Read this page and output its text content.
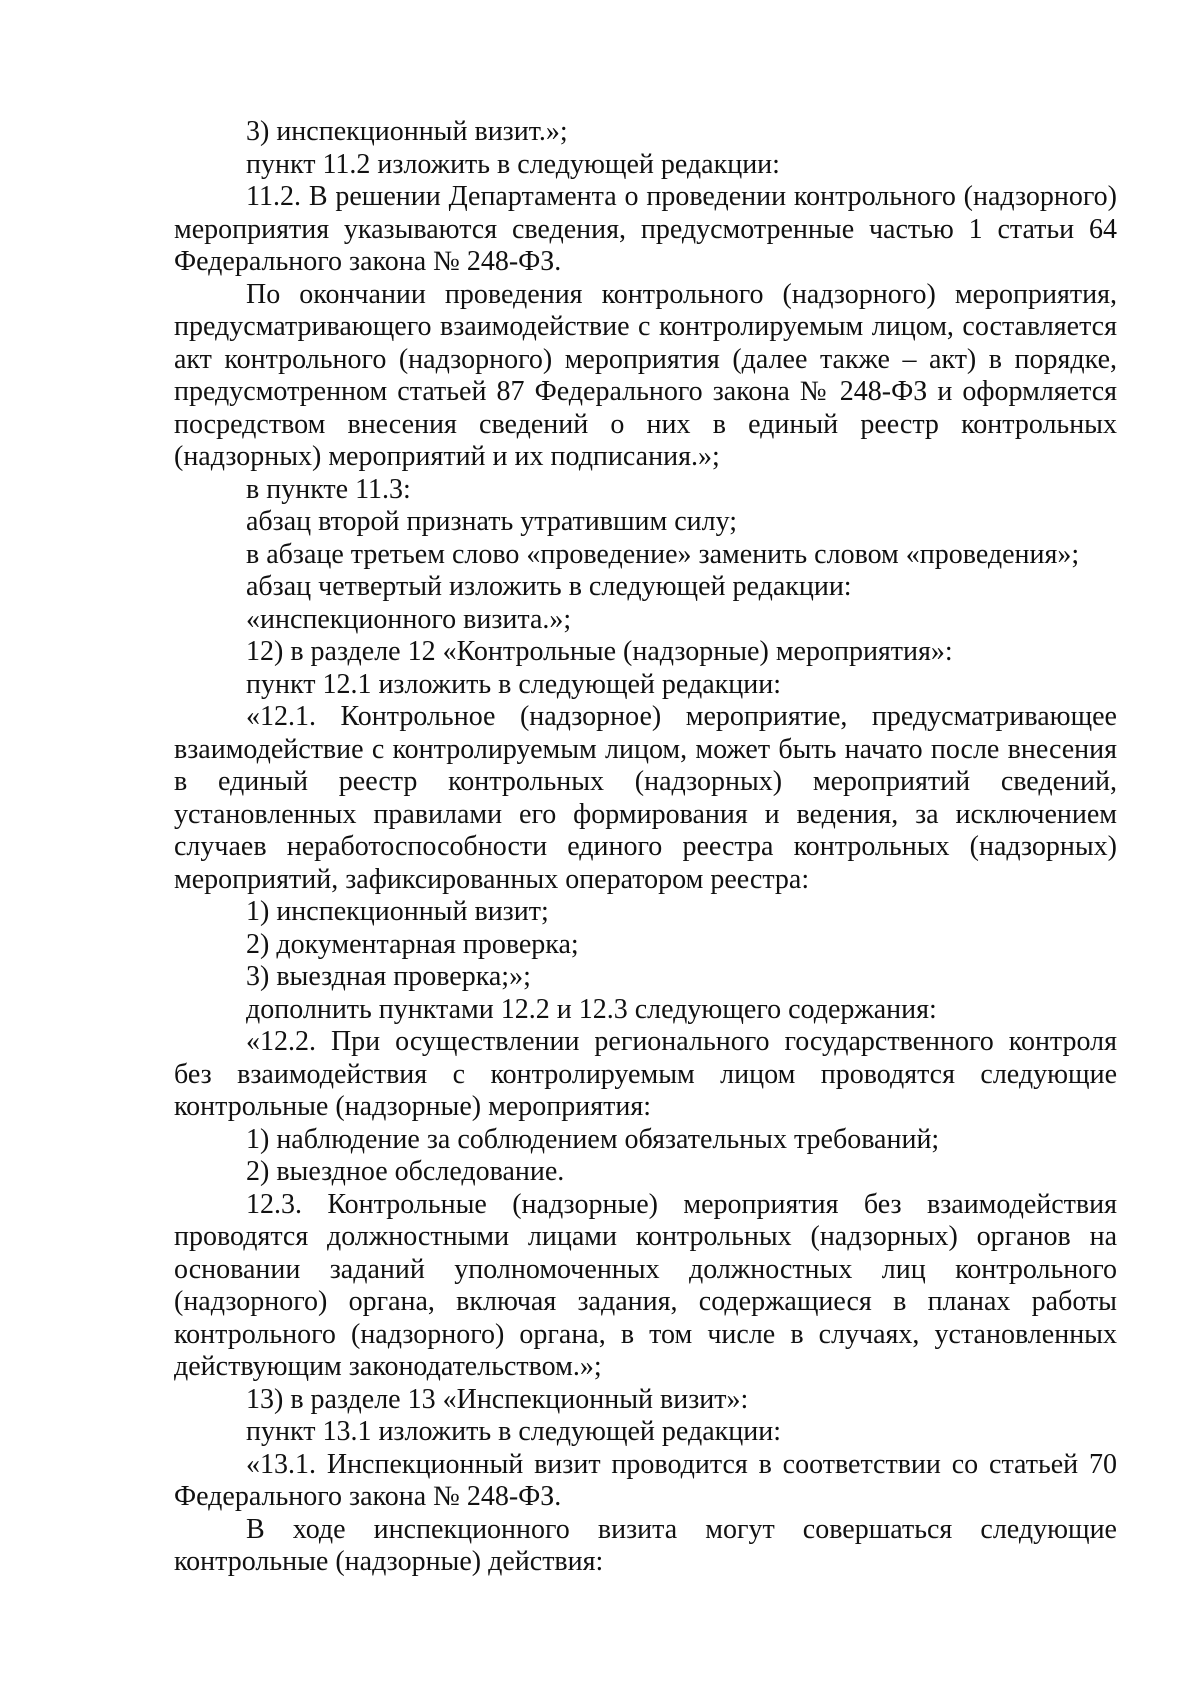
3) инспекционный визит.»;

пункт 11.2 изложить в следующей редакции:

11.2. В решении Департамента о проведении контрольного (надзорного) мероприятия указываются сведения, предусмотренные частью 1 статьи 64 Федерального закона № 248-ФЗ.

По окончании проведения контрольного (надзорного) мероприятия, предусматривающего взаимодействие с контролируемым лицом, составляется акт контрольного (надзорного) мероприятия (далее также – акт) в порядке, предусмотренном статьей 87 Федерального закона № 248-ФЗ и оформляется посредством внесения сведений о них в единый реестр контрольных (надзорных) мероприятий и их подписания.»;

в пункте 11.3:

абзац второй признать утратившим силу;

в абзаце третьем слово «проведение» заменить словом «проведения»;

абзац четвертый изложить в следующей редакции:

«инспекционного визита.»;

12) в разделе 12 «Контрольные (надзорные) мероприятия»:

пункт 12.1 изложить в следующей редакции:

«12.1. Контрольное (надзорное) мероприятие, предусматривающее взаимодействие с контролируемым лицом, может быть начато после внесения в единый реестр контрольных (надзорных) мероприятий сведений, установленных правилами его формирования и ведения, за исключением случаев неработоспособности единого реестра контрольных (надзорных) мероприятий, зафиксированных оператором реестра:

1) инспекционный визит;

2) документарная проверка;

3) выездная проверка;»;

дополнить пунктами 12.2 и 12.3 следующего содержания:

«12.2. При осуществлении регионального государственного контроля без взаимодействия с контролируемым лицом проводятся следующие контрольные (надзорные) мероприятия:

1) наблюдение за соблюдением обязательных требований;

2) выездное обследование.

12.3. Контрольные (надзорные) мероприятия без взаимодействия проводятся должностными лицами контрольных (надзорных) органов на основании заданий уполномоченных должностных лиц контрольного (надзорного) органа, включая задания, содержащиеся в планах работы контрольного (надзорного) органа, в том числе в случаях, установленных действующим законодательством.»;

13) в разделе 13 «Инспекционный визит»:

пункт 13.1 изложить в следующей редакции:

«13.1. Инспекционный визит проводится в соответствии со статьей 70 Федерального закона № 248-ФЗ.

В ходе инспекционного визита могут совершаться следующие контрольные (надзорные) действия:
